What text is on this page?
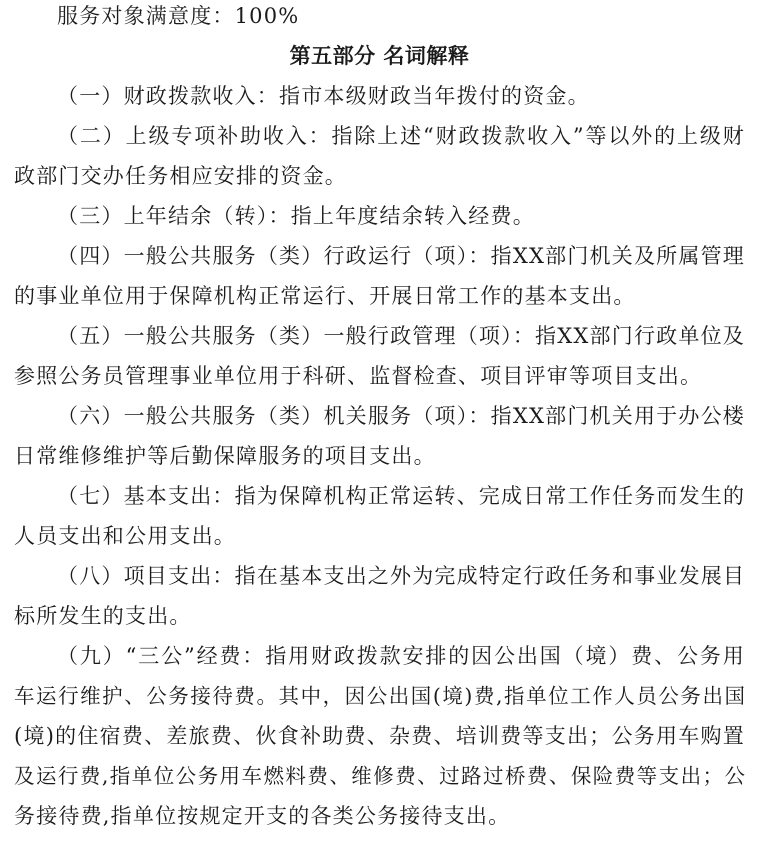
服务对象满意度：100%
第五部分 名词解释
（一）财政拨款收入：指市本级财政当年拨付的资金。
（二）上级专项补助收入：指除上述“财政拨款收入”等以外的上级财
政部门交办任务相应安排的资金。
（三）上年结余（转）：指上年度结余转入经费。
（四）一般公共服务（类）行政运行（项）：指XX部门机关及所属管理
的事业单位用于保障机构正常运行、开展日常工作的基本支出。
（五）一般公共服务（类）一般行政管理（项）：指XX部门行政单位及
参照公务员管理事业单位用于科研、监督检查、项目评审等项目支出。
（六）一般公共服务（类）机关服务（项）：指XX部门机关用于办公楼
日常维修维护等后勤保障服务的项目支出。
（七）基本支出：指为保障机构正常运转、完成日常工作任务而发生的
人员支出和公用支出。
（八）项目支出：指在基本支出之外为完成特定行政任务和事业发展目
标所发生的支出。
（九）“三公”经费：指用财政拨款安排的因公出国（境）费、公务用
车运行维护、公务接待费。其中，因公出国(境)费,指单位工作人员公务出国
(境)的住宿费、差旅费、伙食补助费、杂费、培训费等支出；公务用车购置
及运行费,指单位公务用车燃料费、维修费、过路过桥费、保险费等支出；公
务接待费,指单位按规定开支的各类公务接待支出。
